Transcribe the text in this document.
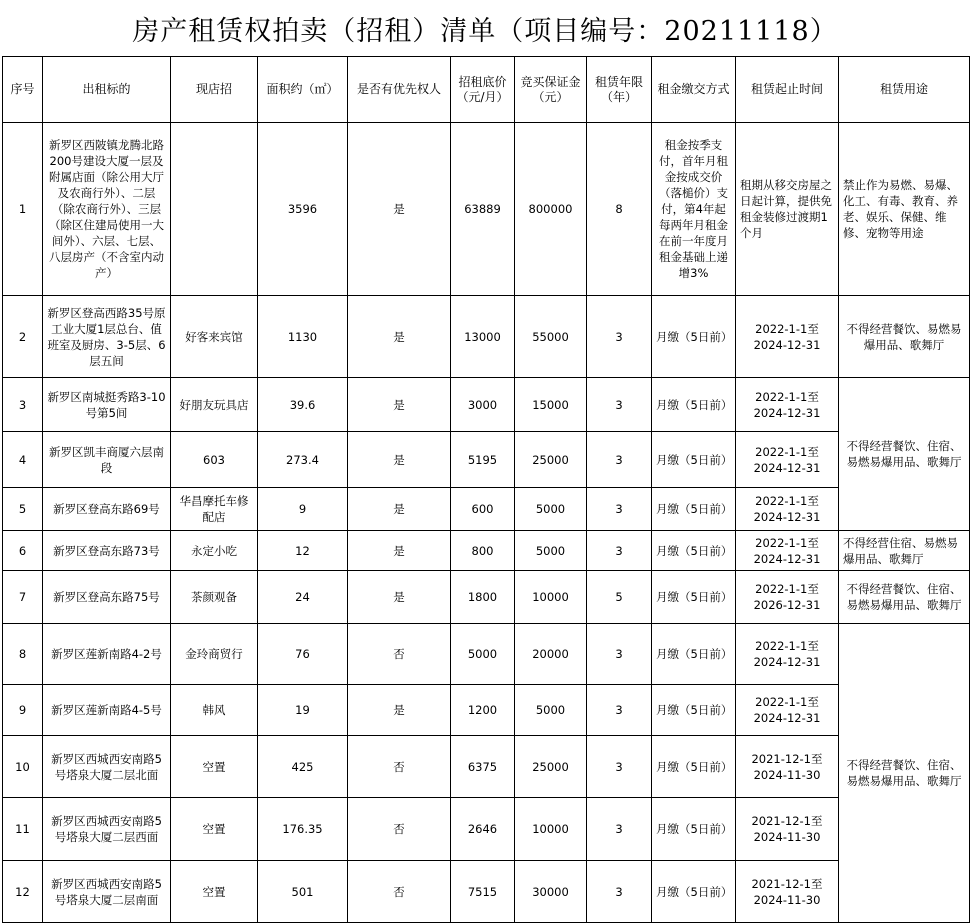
房产租赁权拍卖（招租）清单（项目编号：20211118）
序号	出租标的	现店招	面积约（㎡）	是否有优先权人	招租底价（元/月）	竞买保证金（元）	租赁年限（年）	租金缴交方式	租赁起止时间	租赁用途
1	新罗区西陂镇龙腾北路200号建设大厦一层及附属店面（除公用大厅及农商行外）、二层（除农商行外）、三层（除区住建局使用一大间外）、六层、七层、八层房产（不含室内动产）		3596	是	63889	800000	8	租金按季支付，首年月租金按成交价（落槌价）支付，第4年起每两年月租金在前一年度月租金基础上递增3%	租期从移交房屋之日起计算，提供免租金装修过渡期1个月	禁止作为易燃、易爆、化工、有毒、教育、养老、娱乐、保健、维修、宠物等用途
2	新罗区登高西路35号原工业大厦1层总台、值班室及厨房、3-5层、6层五间	好客来宾馆	1130	是	13000	55000	3	月缴（5日前）	2022-1-1至2024-12-31	不得经营餐饮、易燃易爆用品、歌舞厅
3	新罗区南城挺秀路3-10号第5间	好朋友玩具店	39.6	是	3000	15000	3	月缴（5日前）	2022-1-1至2024-12-31	不得经营餐饮、住宿、易燃易爆用品、歌舞厅
4	新罗区凯丰商厦六层南段	603	273.4	是	5195	25000	3	月缴（5日前）	2022-1-1至2024-12-31	
5	新罗区登高东路69号	华昌摩托车修配店	9	是	600	5000	3	月缴（5日前）	2022-1-1至2024-12-31	
6	新罗区登高东路73号	永定小吃	12	是	800	5000	3	月缴（5日前）	2022-1-1至2024-12-31	不得经营住宿、易燃易爆用品、歌舞厅
7	新罗区登高东路75号	茶颜观备	24	是	1800	10000	5	月缴（5日前）	2022-1-1至2026-12-31	不得经营餐饮、住宿、易燃易爆用品、歌舞厅
8	新罗区莲新南路4-2号	金玲商贸行	76	否	5000	20000	3	月缴（5日前）	2022-1-1至2024-12-31	不得经营餐饮、住宿、易燃易爆用品、歌舞厅
9	新罗区莲新南路4-5号	韩风	19	是	1200	5000	3	月缴（5日前）	2022-1-1至2024-12-31	
10	新罗区西城西安南路5号塔泉大厦二层北面	空置	425	否	6375	25000	3	月缴（5日前）	2021-12-1至2024-11-30	
11	新罗区西城西安南路5号塔泉大厦二层西面	空置	176.35	否	2646	10000	3	月缴（5日前）	2021-12-1至2024-11-30	
12	新罗区西城西安南路5号塔泉大厦二层南面	空置	501	否	7515	30000	3	月缴（5日前）	2021-12-1至2024-11-30	
